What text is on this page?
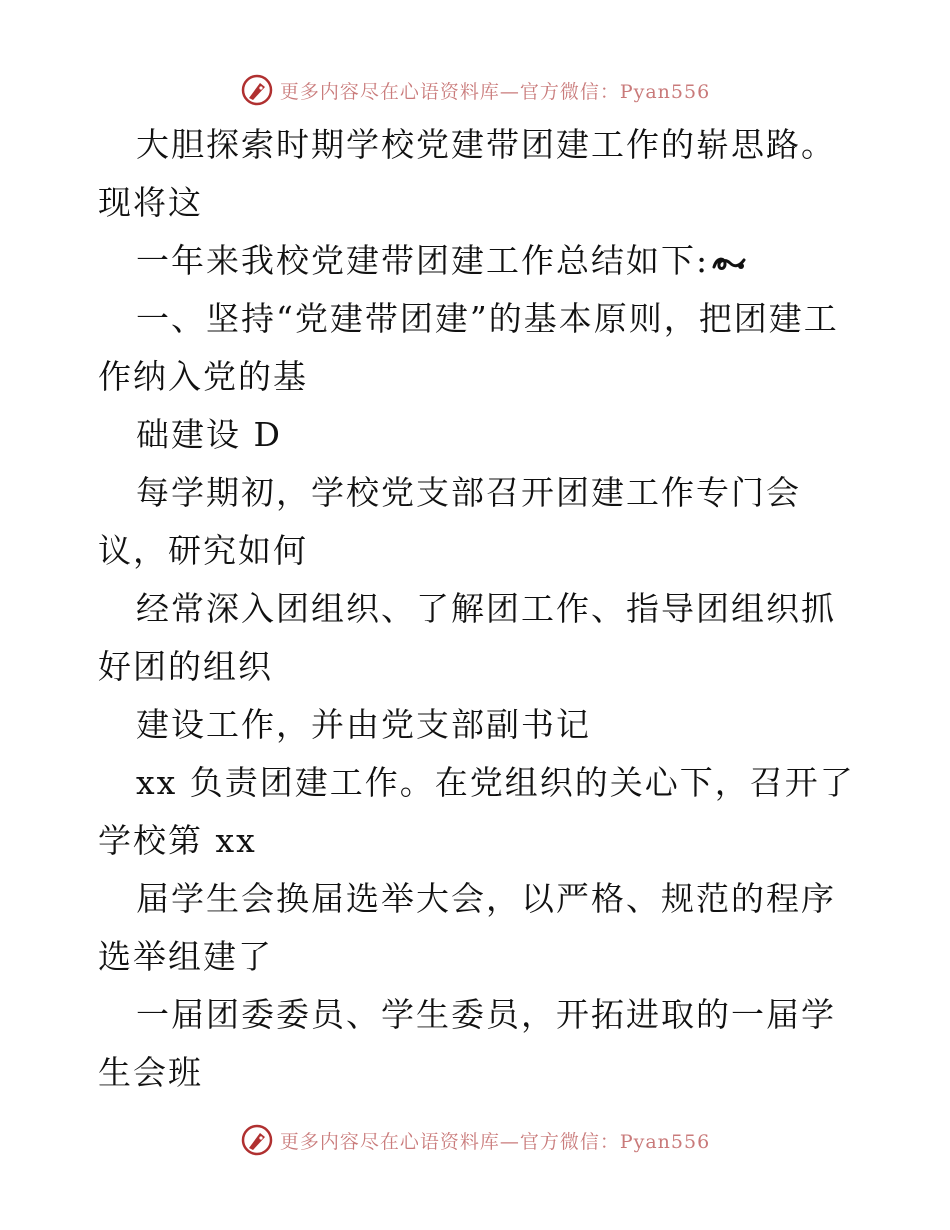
更多内容尽在心语资料库—官方微信：Pyan556

大胆探索时期学校党建带团建工作的崭思路。现将这

一年来我校党建带团建工作总结如下:

一、坚持“党建带团建”的基本原则，把团建工作纳入党的基

础建设 D

每学期初，学校党支部召开团建工作专门会议，研究如何

经常深入团组织、了解团工作、指导团组织抓好团的组织

建设工作，并由党支部副书记

xx 负责团建工作。在党组织的关心下，召开了学校第 xx

届学生会换届选举大会，以严格、规范的程序选举组建了

一届团委委员、学生委员，开拓进取的一届学生会班

更多内容尽在心语资料库—官方微信：Pyan556
